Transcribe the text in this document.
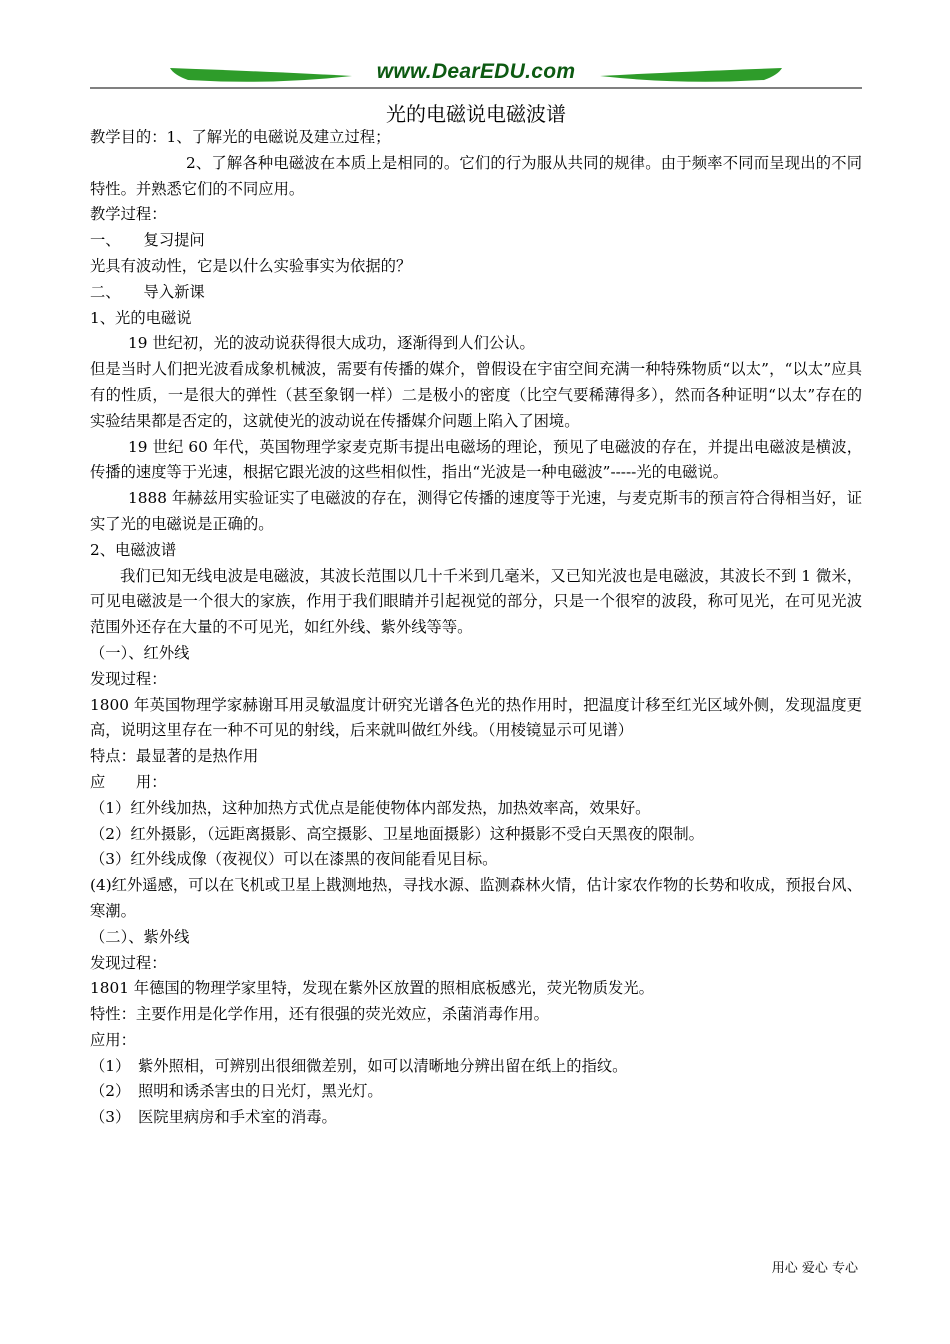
www.DearEDU.com
光的电磁说电磁波谱

教学目的：1、了解光的电磁说及建立过程；

2、了解各种电磁波在本质上是相同的。它们的行为服从共同的规律。由于频率不同而呈现出的不同特性。并熟悉它们的不同应用。

教学过程：

一、　　复习提问

光具有波动性，它是以什么实验事实为依据的？

二、　　导入新课

1、光的电磁说

19 世纪初，光的波动说获得很大成功，逐渐得到人们公认。

但是当时人们把光波看成象机械波，需要有传播的媒介，曾假设在宇宙空间充满一种特殊物质“以太”，“以太”应具有的性质，一是很大的弹性（甚至象钢一样）二是极小的密度（比空气要稀薄得多），然而各种证明“以太”存在的实验结果都是否定的，这就使光的波动说在传播媒介问题上陷入了困境。

19 世纪 60 年代，英国物理学家麦克斯韦提出电磁场的理论，预见了电磁波的存在，并提出电磁波是横波，传播的速度等于光速，根据它跟光波的这些相似性，指出“光波是一种电磁波”-----光的电磁说。

1888 年赫兹用实验证实了电磁波的存在，测得它传播的速度等于光速，与麦克斯韦的预言符合得相当好，证实了光的电磁说是正确的。

2、电磁波谱

我们已知无线电波是电磁波，其波长范围以几十千米到几毫米，又已知光波也是电磁波，其波长不到 1 微米，可见电磁波是一个很大的家族，作用于我们眼睛并引起视觉的部分，只是一个很窄的波段，称可见光，在可见光波范围外还存在大量的不可见光，如红外线、紫外线等等。

（一）、红外线

发现过程：

1800 年英国物理学家赫谢耳用灵敏温度计研究光谱各色光的热作用时，把温度计移至红光区域外侧，发现温度更高，说明这里存在一种不可见的射线，后来就叫做红外线。（用棱镜显示可见谱）

特点：最显著的是热作用

应　　用：

（1）红外线加热，这种加热方式优点是能使物体内部发热，加热效率高，效果好。

（2）红外摄影，（远距离摄影、高空摄影、卫星地面摄影）这种摄影不受白天黑夜的限制。

（3）红外线成像（夜视仪）可以在漆黑的夜间能看见目标。

(4)红外遥感，可以在飞机或卫星上戡测地热，寻找水源、监测森林火情，估计家农作物的长势和收成，预报台风、寒潮。

（二）、紫外线

发现过程：

1801 年德国的物理学家里特，发现在紫外区放置的照相底板感光，荧光物质发光。

特性：主要作用是化学作用，还有很强的荧光效应，杀菌消毒作用。

应用：

（1）　紫外照相，可辨别出很细微差别，如可以清晰地分辨出留在纸上的指纹。

（2）　照明和诱杀害虫的日光灯，黑光灯。

（3）　医院里病房和手术室的消毒。

用心 爱心 专心
